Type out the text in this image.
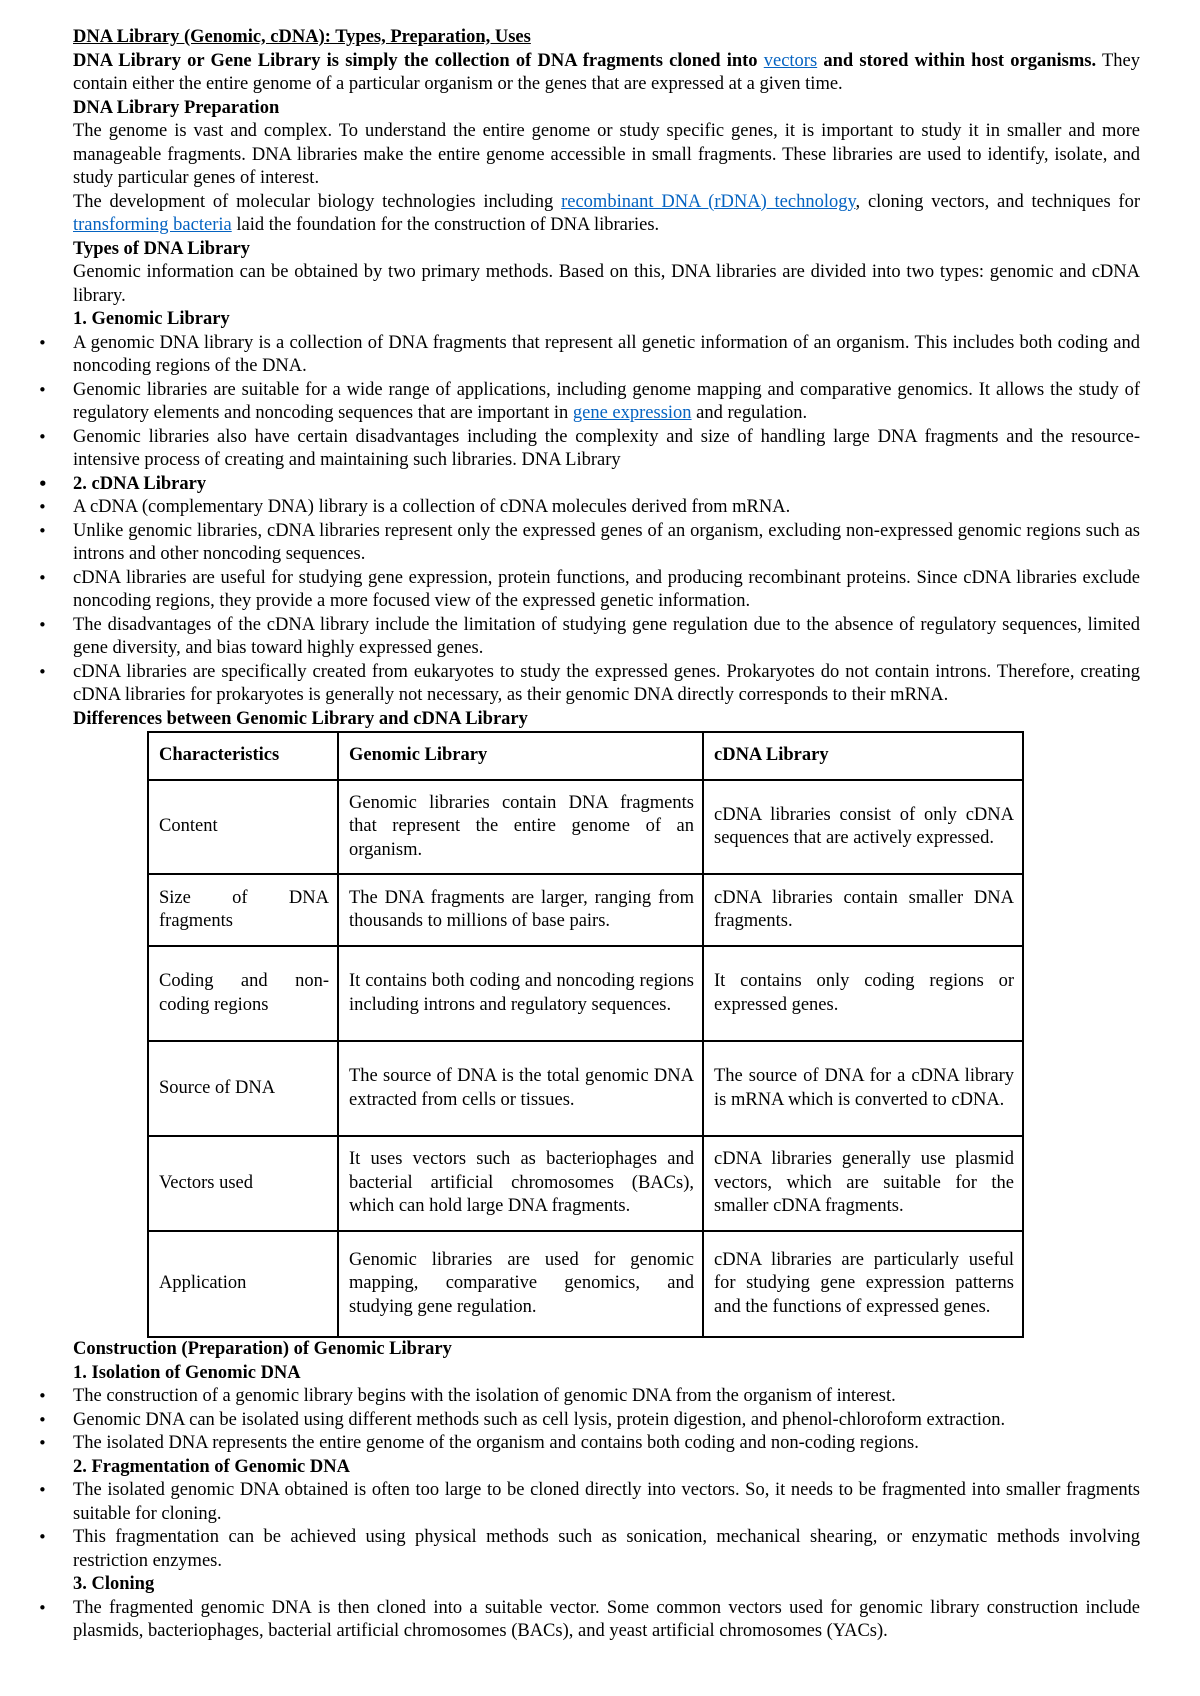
DNA Library (Genomic, cDNA): Types, Preparation, Uses

DNA Library or Gene Library is simply the collection of DNA fragments cloned into vectors and stored within host organisms. They contain either the entire genome of a particular organism or the genes that are expressed at a given time.

DNA Library Preparation

The genome is vast and complex. To understand the entire genome or study specific genes, it is important to study it in smaller and more manageable fragments. DNA libraries make the entire genome accessible in small fragments. These libraries are used to identify, isolate, and study particular genes of interest.

The development of molecular biology technologies including recombinant DNA (rDNA) technology, cloning vectors, and techniques for transforming bacteria laid the foundation for the construction of DNA libraries.

Types of DNA Library

Genomic information can be obtained by two primary methods. Based on this, DNA libraries are divided into two types: genomic and cDNA library.

1. Genomic Library

• A genomic DNA library is a collection of DNA fragments that represent all genetic information of an organism. This includes both coding and noncoding regions of the DNA.
• Genomic libraries are suitable for a wide range of applications, including genome mapping and comparative genomics. It allows the study of regulatory elements and noncoding sequences that are important in gene expression and regulation.
• Genomic libraries also have certain disadvantages including the complexity and size of handling large DNA fragments and the resource-intensive process of creating and maintaining such libraries. DNA Library
• 2. cDNA Library
• A cDNA (complementary DNA) library is a collection of cDNA molecules derived from mRNA.
• Unlike genomic libraries, cDNA libraries represent only the expressed genes of an organism, excluding non-expressed genomic regions such as introns and other noncoding sequences.
• cDNA libraries are useful for studying gene expression, protein functions, and producing recombinant proteins. Since cDNA libraries exclude noncoding regions, they provide a more focused view of the expressed genetic information.
• The disadvantages of the cDNA library include the limitation of studying gene regulation due to the absence of regulatory sequences, limited gene diversity, and bias toward highly expressed genes.
• cDNA libraries are specifically created from eukaryotes to study the expressed genes. Prokaryotes do not contain introns. Therefore, creating cDNA libraries for prokaryotes is generally not necessary, as their genomic DNA directly corresponds to their mRNA.

Differences between Genomic Library and cDNA Library

Characteristics	Genomic Library	cDNA Library
Content	Genomic libraries contain DNA fragments that represent the entire genome of an organism.	cDNA libraries consist of only cDNA sequences that are actively expressed.
Size of DNA fragments	The DNA fragments are larger, ranging from thousands to millions of base pairs.	cDNA libraries contain smaller DNA fragments.
Coding and non-coding regions	It contains both coding and noncoding regions including introns and regulatory sequences.	It contains only coding regions or expressed genes.
Source of DNA	The source of DNA is the total genomic DNA extracted from cells or tissues.	The source of DNA for a cDNA library is mRNA which is converted to cDNA.
Vectors used	It uses vectors such as bacteriophages and bacterial artificial chromosomes (BACs), which can hold large DNA fragments.	cDNA libraries generally use plasmid vectors, which are suitable for the smaller cDNA fragments.
Application	Genomic libraries are used for genomic mapping, comparative genomics, and studying gene regulation.	cDNA libraries are particularly useful for studying gene expression patterns and the functions of expressed genes.

Construction (Preparation) of Genomic Library

1. Isolation of Genomic DNA

• The construction of a genomic library begins with the isolation of genomic DNA from the organism of interest.
• Genomic DNA can be isolated using different methods such as cell lysis, protein digestion, and phenol-chloroform extraction.
• The isolated DNA represents the entire genome of the organism and contains both coding and non-coding regions.

2. Fragmentation of Genomic DNA

• The isolated genomic DNA obtained is often too large to be cloned directly into vectors. So, it needs to be fragmented into smaller fragments suitable for cloning.
• This fragmentation can be achieved using physical methods such as sonication, mechanical shearing, or enzymatic methods involving restriction enzymes.

3. Cloning

• The fragmented genomic DNA is then cloned into a suitable vector. Some common vectors used for genomic library construction include plasmids, bacteriophages, bacterial artificial chromosomes (BACs), and yeast artificial chromosomes (YACs).
